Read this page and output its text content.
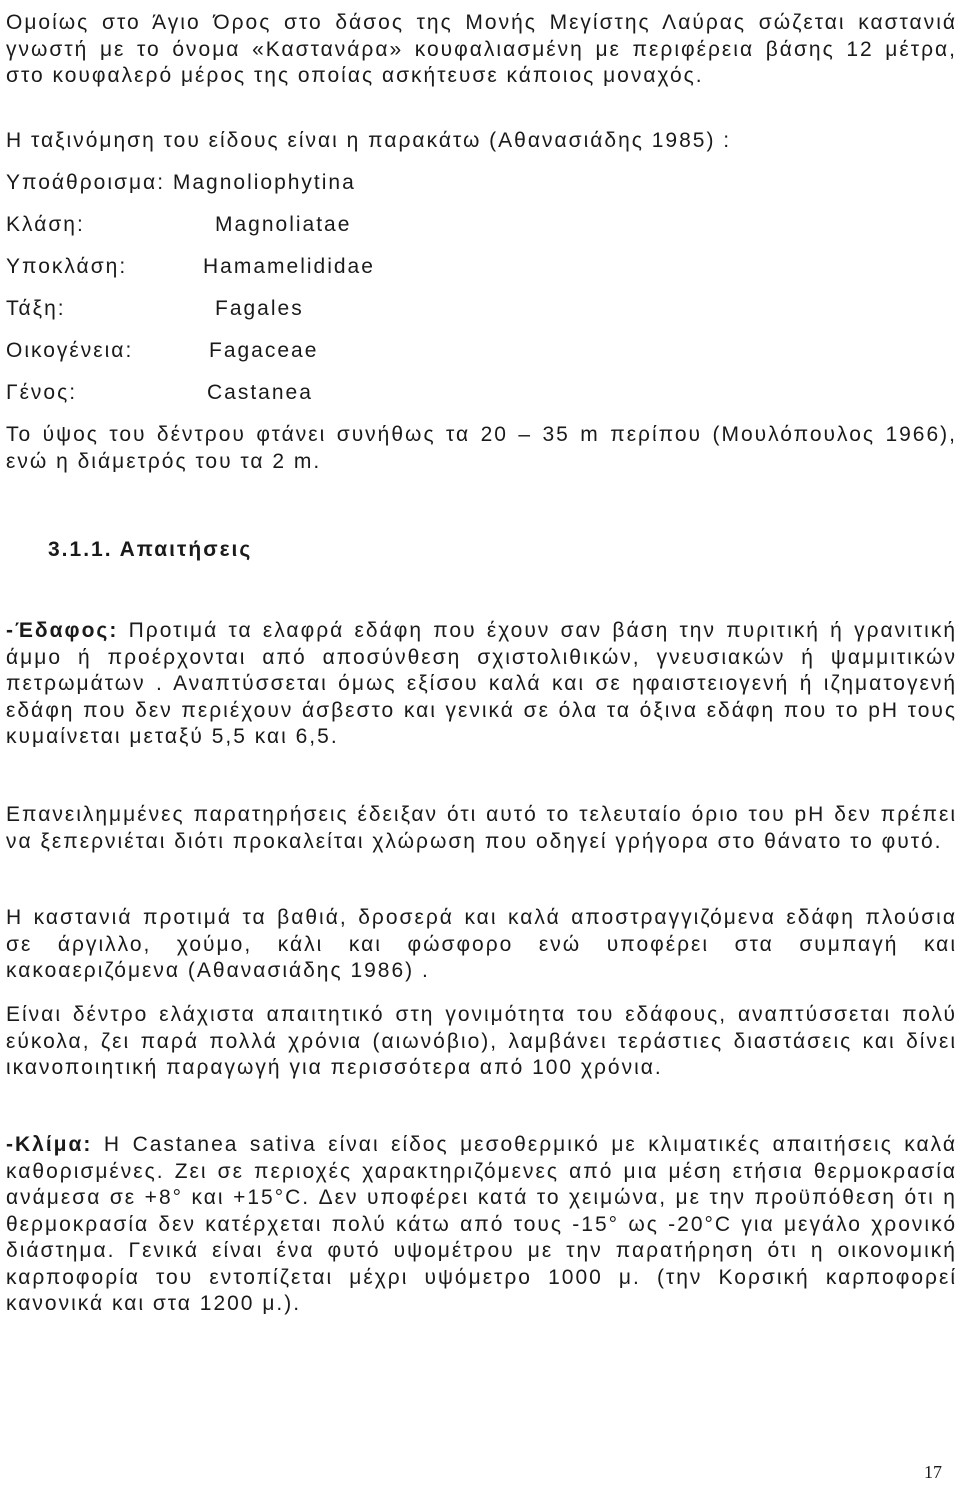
Ομοίως στο Άγιο Όρος στο δάσος της Μονής Μεγίστης Λαύρας σώζεται καστανιά γνωστή με το όνομα «Καστανάρα» κουφαλιασμένη με περιφέρεια βάσης 12 μέτρα, στο κουφαλερό μέρος της οποίας ασκήτευσε κάποιος μοναχός.

Η ταξινόμηση του είδους είναι η παρακάτω (Αθανασιάδης 1985) :
Υποάθροισμα: Magnoliophytina
Κλάση:	Magnoliatae
Υποκλάση:	Hamamelididae
Τάξη:	Fagales
Οικογένεια:	Fagaceae
Γένος:	Castanea

Το ύψος του δέντρου φτάνει συνήθως τα 20 – 35 m περίπου (Μουλόπουλος 1966), ενώ η διάμετρός του τα 2 m.

3.1.1. Απαιτήσεις

-Έδαφος: Προτιμά τα ελαφρά εδάφη που έχουν σαν βάση την πυριτική ή γρανιτική άμμο ή προέρχονται από αποσύνθεση σχιστολιθικών, γνευσιακών ή ψαμμιτικών πετρωμάτων . Αναπτύσσεται όμως εξίσου καλά και σε ηφαιστειογενή ή ιζηματογενή εδάφη που δεν περιέχουν άσβεστο και γενικά σε όλα τα όξινα εδάφη που το pH τους κυμαίνεται μεταξύ 5,5 και 6,5.

Επανειλημμένες παρατηρήσεις έδειξαν ότι αυτό το τελευταίο όριο του pH δεν πρέπει να ξεπερνιέται διότι προκαλείται χλώρωση που οδηγεί γρήγορα στο θάνατο το φυτό.

Η καστανιά προτιμά τα βαθιά, δροσερά και καλά αποστραγγιζόμενα εδάφη πλούσια σε άργιλλο, χούμο, κάλι και φώσφορο ενώ υποφέρει στα συμπαγή και κακοαεριζόμενα (Αθανασιάδης 1986) .

Είναι δέντρο ελάχιστα απαιτητικό στη γονιμότητα του εδάφους, αναπτύσσεται πολύ εύκολα, ζει παρά πολλά χρόνια (αιωνόβιο), λαμβάνει τεράστιες διαστάσεις και δίνει ικανοποιητική παραγωγή για περισσότερα από 100 χρόνια.

-Κλίμα: Η Castanea sativa είναι είδος μεσοθερμικό με κλιματικές απαιτήσεις καλά καθορισμένες. Ζει σε περιοχές χαρακτηριζόμενες από μια μέση ετήσια θερμοκρασία ανάμεσα σε +8° και +15°C. Δεν υποφέρει κατά το χειμώνα, με την προϋπόθεση ότι η θερμοκρασία δεν κατέρχεται πολύ κάτω από τους -15° ως -20°C για μεγάλο χρονικό διάστημα. Γενικά είναι ένα φυτό υψομέτρου με την παρατήρηση ότι η οικονομική καρποφορία του εντοπίζεται μέχρι υψόμετρο 1000 μ. (την Κορσική καρποφορεί κανονικά και στα 1200 μ.).

17
